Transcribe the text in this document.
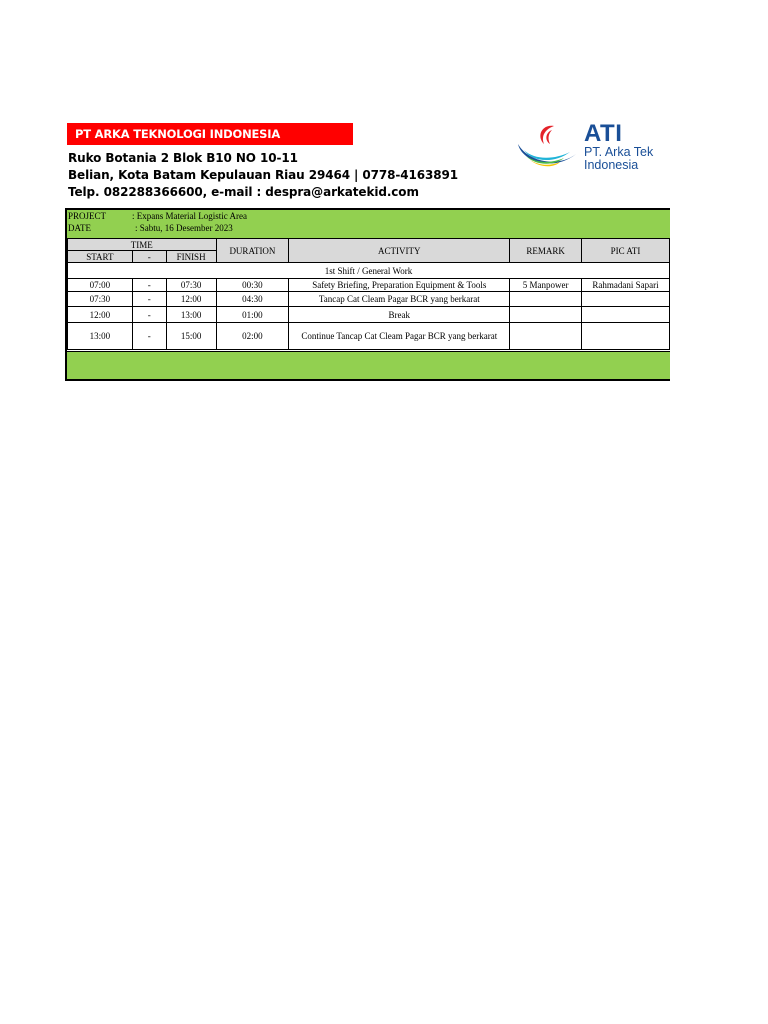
PT ARKA TEKNOLOGI INDONESIA
Ruko Botania 2 Blok B10 NO 10-11
Belian, Kota Batam Kepulauan Riau 29464 | 0778-4163891
Telp. 082288366600, e-mail : despra@arkatekid.com
ATI
PT. Arka Tek
Indonesia
PROJECT	: Expans Material Logistic Area
DATE	: Sabtu, 16 Desember 2023
TIME			DURATION	ACTIVITY	REMARK	PIC ATI
START	-	FINISH				
1st Shift / General Work						
07:00	-	07:30	00:30	Safety Briefing, Preparation Equipment & Tools	5 Manpower	Rahmadani Sapari
07:30	-	12:00	04:30	Tancap Cat Cleam Pagar BCR yang berkarat		
12:00	-	13:00	01:00	Break		
13:00	-	15:00	02:00	Continue Tancap Cat Cleam Pagar BCR yang berkarat		
